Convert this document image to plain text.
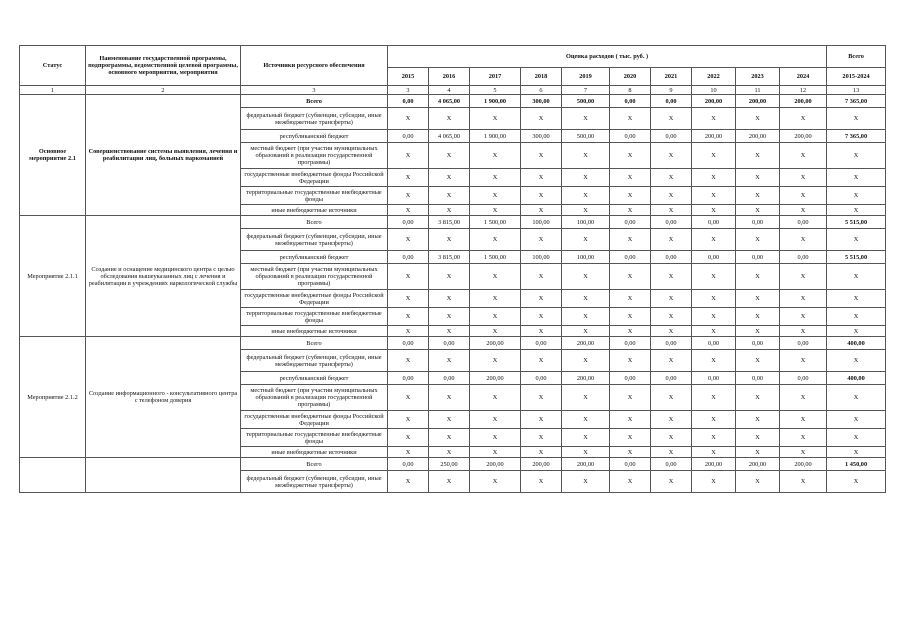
Статус	Наименование государственной программы, подпрограммы, ведомственной целевой программы, основного мероприятия, мероприятия	Источники ресурсного обеспечения	Оценка расходов ( тыс. руб. )										Всего
			2015	2016	2017	2018	2019	2020	2021	2022	2023	2024	2015-2024
1	2	3	3	4	5	6	7	8	9	10	11	12	13
Основное мероприятие 2.1	Совершенствование системы выявления, лечения и реабилитации лиц, больных наркоманией	Всего	0,00	4 065,00	1 900,00	300,00	500,00	0,00	0,00	200,00	200,00	200,00	7 365,00
		федеральный бюджет (субвенции, субсидии, иные межбюджетные трансферты)	X	X	X	X	X	X	X	X	X	X	X
		республиканский бюджет	0,00	4 065,00	1 900,00	300,00	500,00	0,00	0,00	200,00	200,00	200,00	7 365,00
		местный бюджет (при участии муниципальных образований в реализации государственной программы)	X	X	X	X	X	X	X	X	X	X	X
		государственные внебюджетные фонды Российской Федерации	X	X	X	X	X	X	X	X	X	X	X
		территориальные государственные внебюджетные фонды	X	X	X	X	X	X	X	X	X	X	X
		иные внебюджетные источники	X	X	X	X	X	X	X	X	X	X	X
Мероприятие 2.1.1	Создание и оснащение медицинского центра с целью обследования вышеуказанных лиц с лечения и реабилитации в учреждениях наркологической службы	Всего	0,00	3 815,00	1 500,00	100,00	100,00	0,00	0,00	0,00	0,00	0,00	5 515,00
		федеральный бюджет (субвенции, субсидии, иные межбюджетные трансферты)	X	X	X	X	X	X	X	X	X	X	X
		республиканский бюджет	0,00	3 815,00	1 500,00	100,00	100,00	0,00	0,00	0,00	0,00	0,00	5 515,00
		местный бюджет (при участии муниципальных образований в реализации государственной программы)	X	X	X	X	X	X	X	X	X	X	X
		государственные внебюджетные фонды Российской Федерации	X	X	X	X	X	X	X	X	X	X	X
		территориальные государственные внебюджетные фонды	X	X	X	X	X	X	X	X	X	X	X
		иные внебюджетные источники	X	X	X	X	X	X	X	X	X	X	X
Мероприятие 2.1.2	Создание информационного - консультативного центра с телефоном доверия	Всего	0,00	0,00	200,00	0,00	200,00	0,00	0,00	0,00	0,00	0,00	400,00
		федеральный бюджет (субвенции, субсидии, иные межбюджетные трансферты)	X	X	X	X	X	X	X	X	X	X	X
		республиканский бюджет	0,00	0,00	200,00	0,00	200,00	0,00	0,00	0,00	0,00	0,00	400,00
		местный бюджет (при участии муниципальных образований в реализации государственной программы)	X	X	X	X	X	X	X	X	X	X	X
		государственные внебюджетные фонды Российской Федерации	X	X	X	X	X	X	X	X	X	X	X
		территориальные государственные внебюджетные фонды	X	X	X	X	X	X	X	X	X	X	X
		иные внебюджетные источники	X	X	X	X	X	X	X	X	X	X	X
		Всего	0,00	250,00	200,00	200,00	200,00	0,00	0,00	200,00	200,00	200,00	1 450,00
		федеральный бюджет (субвенции, субсидии, иные межбюджетные трансферты)	X	X	X	X	X	X	X	X	X	X	X
